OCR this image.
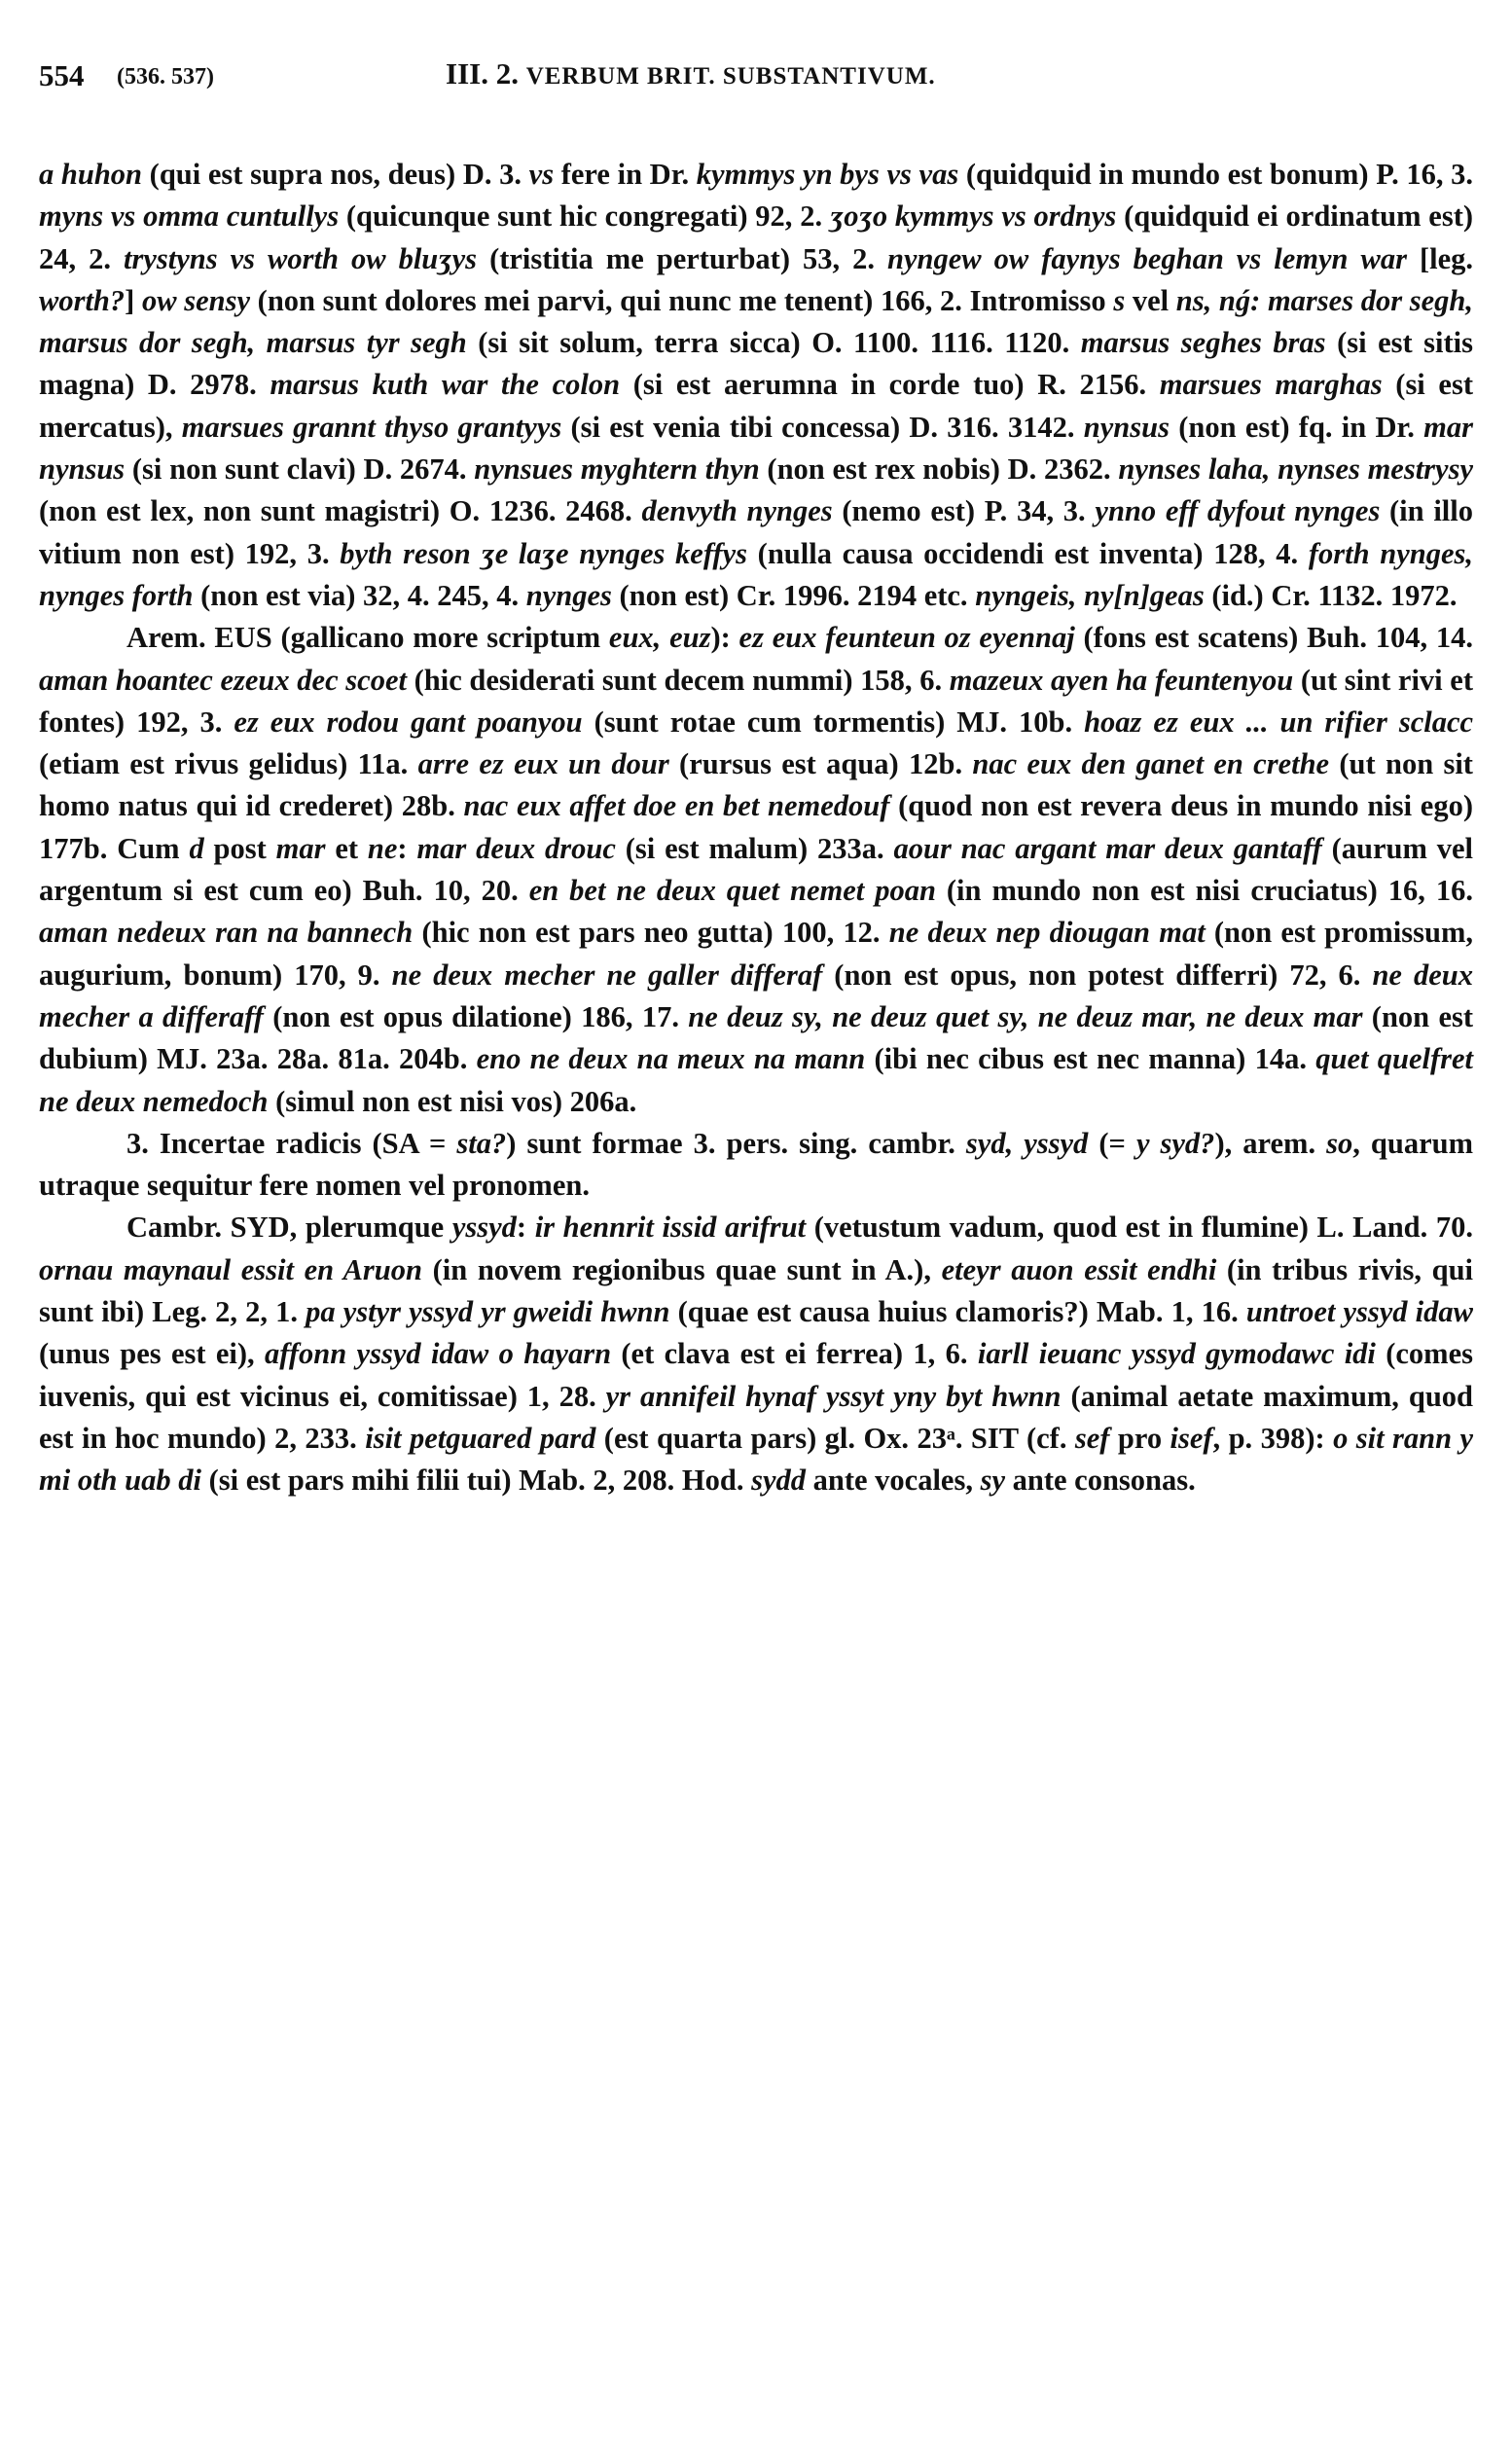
554 (536. 537)	III. 2. VERBUM BRIT. SUBSTANTIVUM.

a huhon (qui est supra nos, deus) D. 3. vs fere in Dr. kymmys yn bys vs vas (quidquid in mundo est bonum) P. 16, 3. myns vs omma cuntullys (quicunque sunt hic congregati) 92, 2. ʒoʒo kymmys vs ordnys (quidquid ei ordinatum est) 24, 2. trystyns vs worth ow bluʒys (tristitia me perturbat) 53, 2. nyngew ow faynys beghan vs lemyn war [leg. worth?] ow sensy (non sunt dolores mei parvi, qui nunc me tenent) 166, 2. Intromisso s vel ns, nǵ: marses dor segh, marsus dor segh, marsus tyr segh (si sit solum, terra sicca) O. 1100. 1116. 1120. marsus seghes bras (si est sitis magna) D. 2978. marsus kuth war the colon (si est aerumna in corde tuo) R. 2156. marsues marghas (si est mercatus), marsues grannt thyso grantyys (si est venia tibi concessa) D. 316. 3142. nynsus (non est) fq. in Dr. mar nynsus (si non sunt clavi) D. 2674. nynsues myghtern thyn (non est rex nobis) D. 2362. nynses laha, nynses mestrysy (non est lex, non sunt magistri) O. 1236. 2468. denvyth nynges (nemo est) P. 34, 3. ynno eff dyfout nynges (in illo vitium non est) 192, 3. byth reson ʒe laʒe nynges keffys (nulla causa occidendi est inventa) 128, 4. forth nynges, nynges forth (non est via) 32, 4. 245, 4. nynges (non est) Cr. 1996. 2194 etc. nyngeis, ny[n]geas (id.) Cr. 1132. 1972.

Arem. EUS (gallicano more scriptum eux, euz): ez eux feunteun oz eyennaj (fons est scatens) Buh. 104, 14. aman hoantec ezeux dec scoet (hic desiderati sunt decem nummi) 158, 6. mazeux ayen ha feuntenyou (ut sint rivi et fontes) 192, 3. ez eux rodou gant poanyou (sunt rotae cum tormentis) MJ. 10b. hoaz ez eux ... un rifier sclacc (etiam est rivus gelidus) 11a. arre ez eux un dour (rursus est aqua) 12b. nac eux den ganet en crethe (ut non sit homo natus qui id crederet) 28b. nac eux affet doe en bet nemedouf (quod non est revera deus in mundo nisi ego) 177b. Cum d post mar et ne: mar deux drouc (si est malum) 233a. aour nac argant mar deux gantaff (aurum vel argentum si est cum eo) Buh. 10, 20. en bet ne deux quet nemet poan (in mundo non est nisi cruciatus) 16, 16. aman nedeux ran na bannech (hic non est pars neo gutta) 100, 12. ne deux nep diougan mat (non est promissum, augurium, bonum) 170, 9. ne deux mecher ne galler differaf (non est opus, non potest differri) 72, 6. ne deux mecher a differaff (non est opus dilatione) 186, 17. ne deuz sy, ne deuz quet sy, ne deuz mar, ne deux mar (non est dubium) MJ. 23a. 28a. 81a. 204b. eno ne deux na meux na mann (ibi nec cibus est nec manna) 14a. quet quelfret ne deux nemedoch (simul non est nisi vos) 206a.

3. Incertae radicis (SA = sta?) sunt formae 3. pers. sing. cambr. syd, yssyd (= y syd?), arem. so, quarum utraque sequitur fere nomen vel pronomen.

Cambr. SYD, plerumque yssyd: ir hennrit issid arifrut (vetustum vadum, quod est in flumine) L. Land. 70. ornau maynaul essit en Aruon (in novem regionibus quae sunt in A.), eteyr auon essit endhi (in tribus rivis, qui sunt ibi) Leg. 2, 2, 1. pa ystyr yssyd yr gweidi hwnn (quae est causa huius clamoris?) Mab. 1, 16. untroet yssyd idaw (unus pes est ei), affonn yssyd idaw o hayarn (et clava est ei ferrea) 1, 6. iarll ieuanc yssyd gymodawc idi (comes iuvenis, qui est vicinus ei, comitissae) 1, 28. yr annifeil hynaf yssyt yny byt hwnn (animal aetate maximum, quod est in hoc mundo) 2, 233. isit petguared pard (est quarta pars) gl. Ox. 23ᵃ. SIT (cf. sef pro isef, p. 398): o sit rann y mi oth uab di (si est pars mihi filii tui) Mab. 2, 208. Hod. sydd ante vocales, sy ante consonas.
